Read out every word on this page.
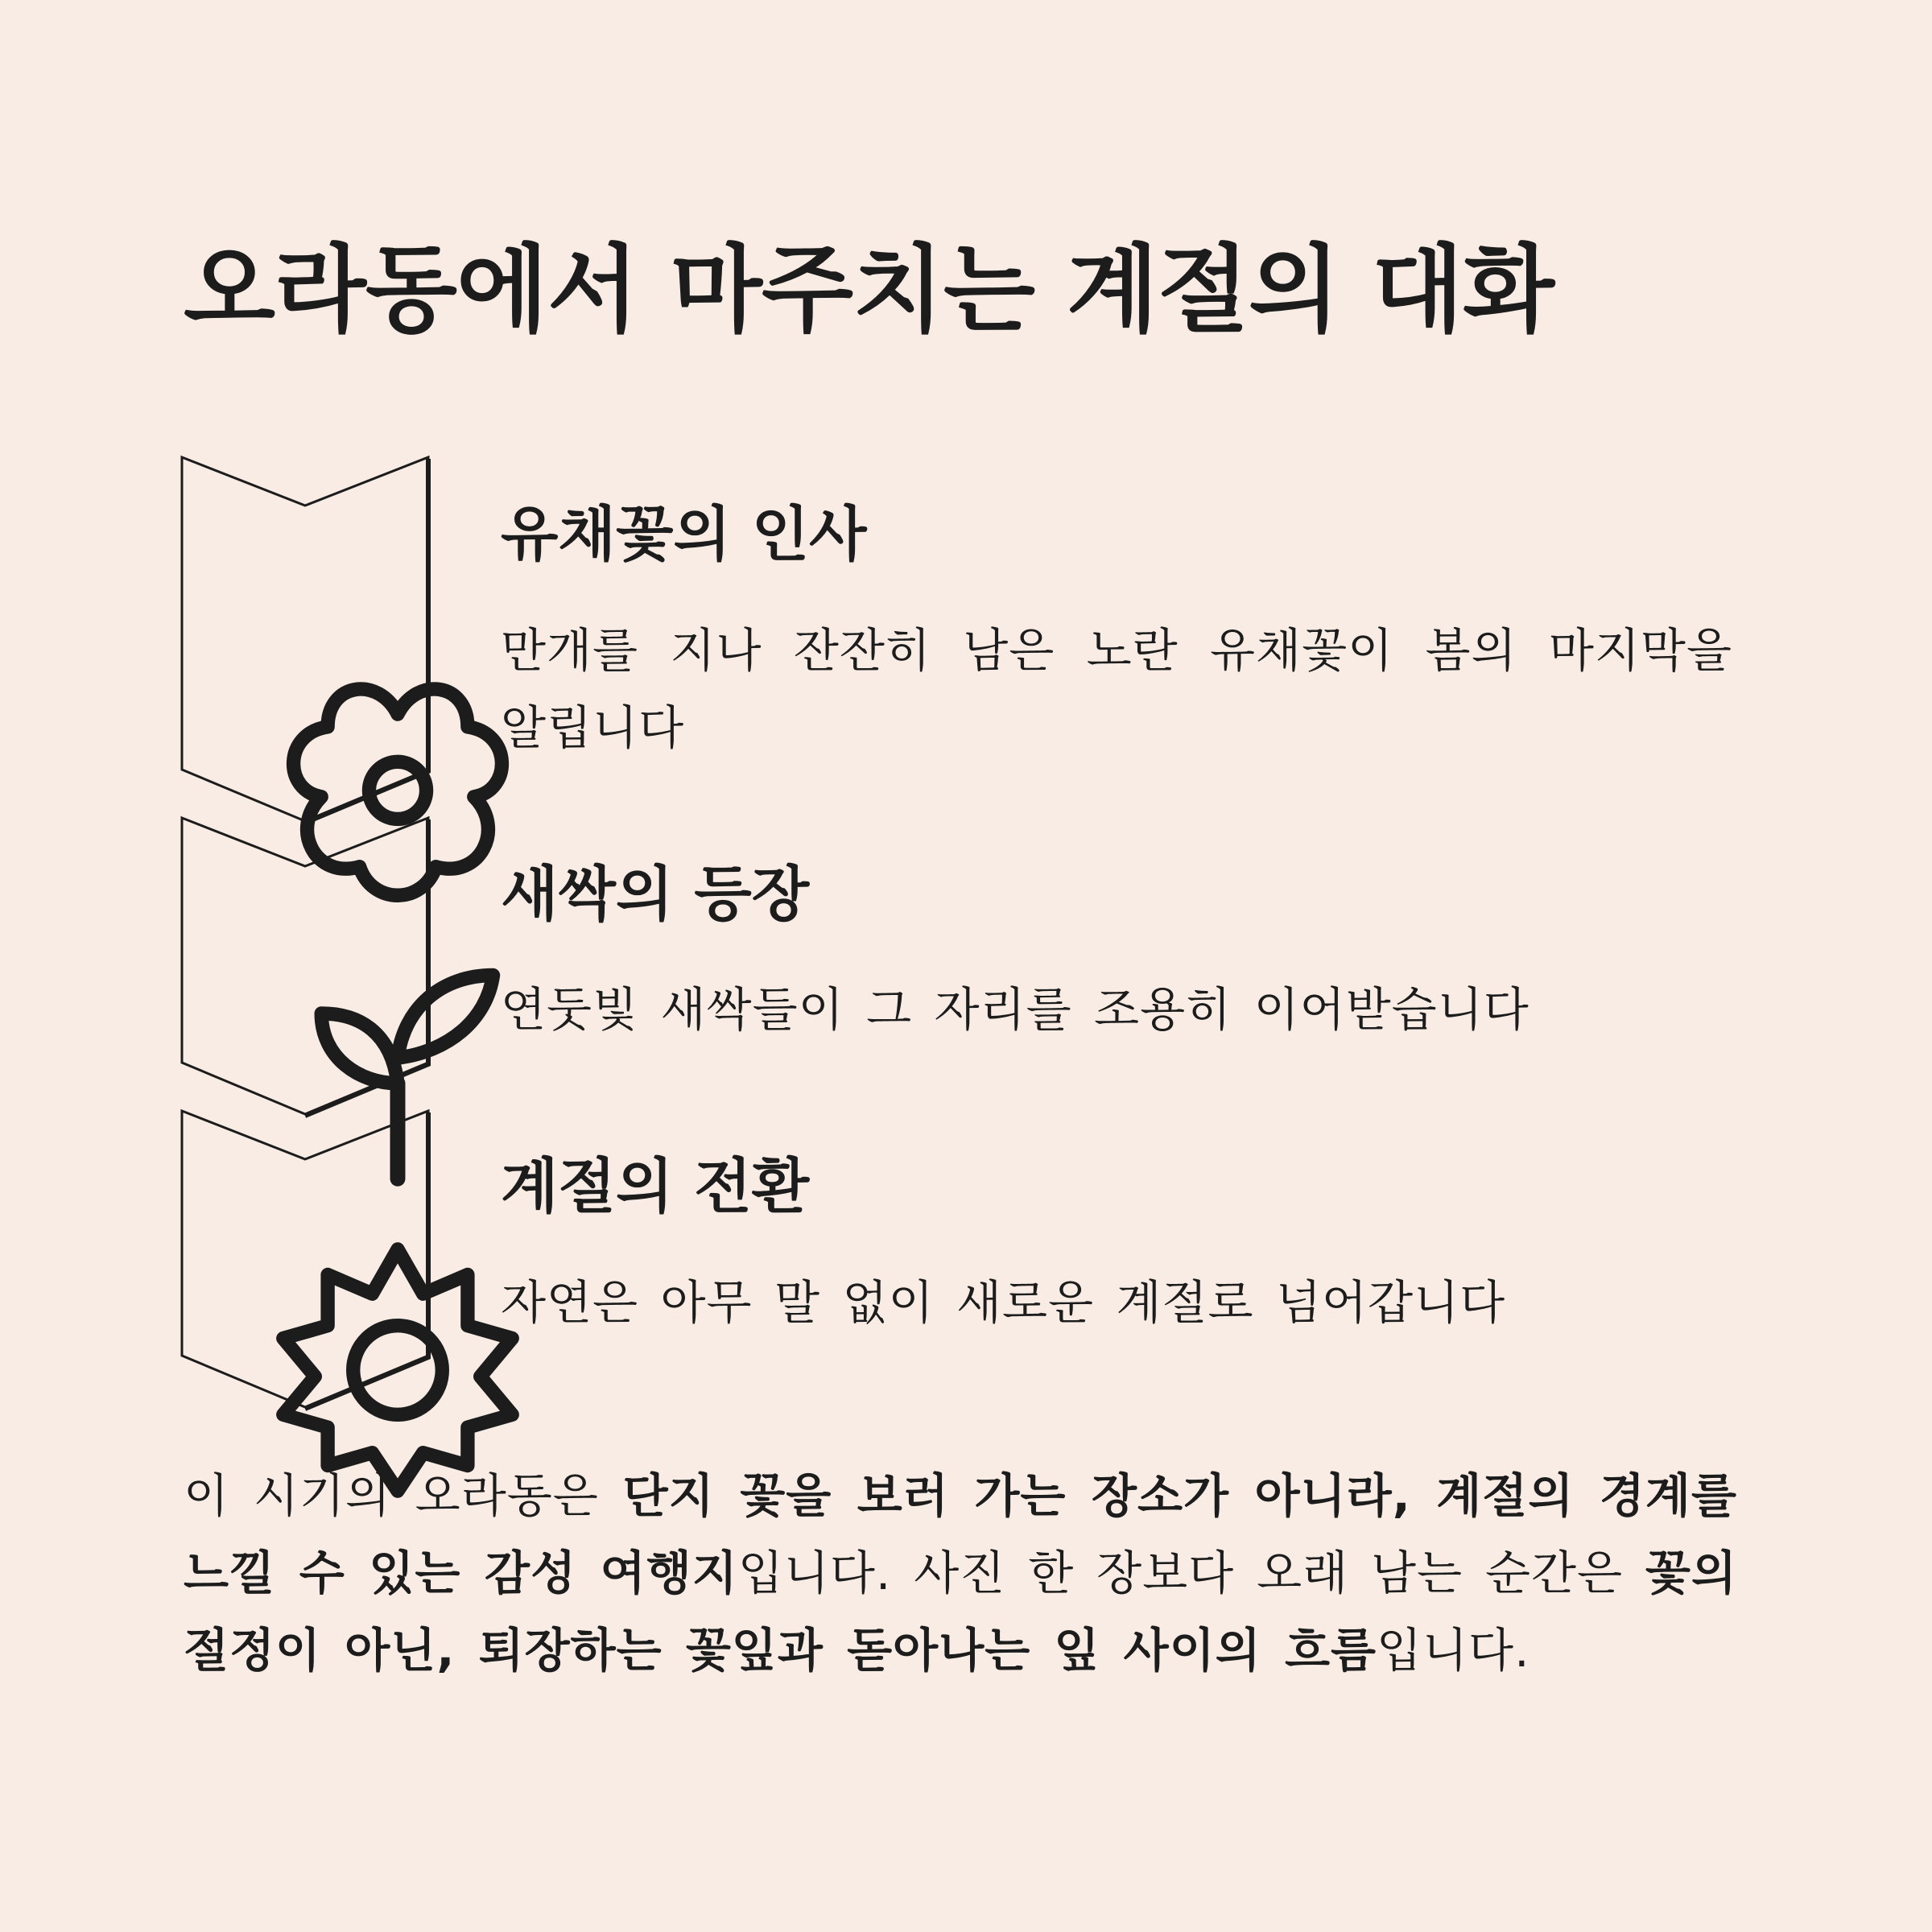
오라동에서 마주치는 계절의 대화
유채꽃의 인사

만개를 지나 잔잔히 남은 노란 유채꽃이 봄의 마지막을 알립니다

새싹의 등장

연둣빛 새싹들이 그 자리를 조용히 이어받습니다

계절의 전환

자연은 아무 말 없이 새로운 계절로 넘어갑니다

이 시기의 오라동은 단지 꽃을 보러 가는 장소가 아니라, 계절의 경계를 느낄 수 있는 감성 여행지입니다. 사진 한 장보다 오래 남는 순간은 꽃의 절정이 아닌, 퇴장하는 꽃잎과 돋아나는 잎 사이의 흐름입니다.
